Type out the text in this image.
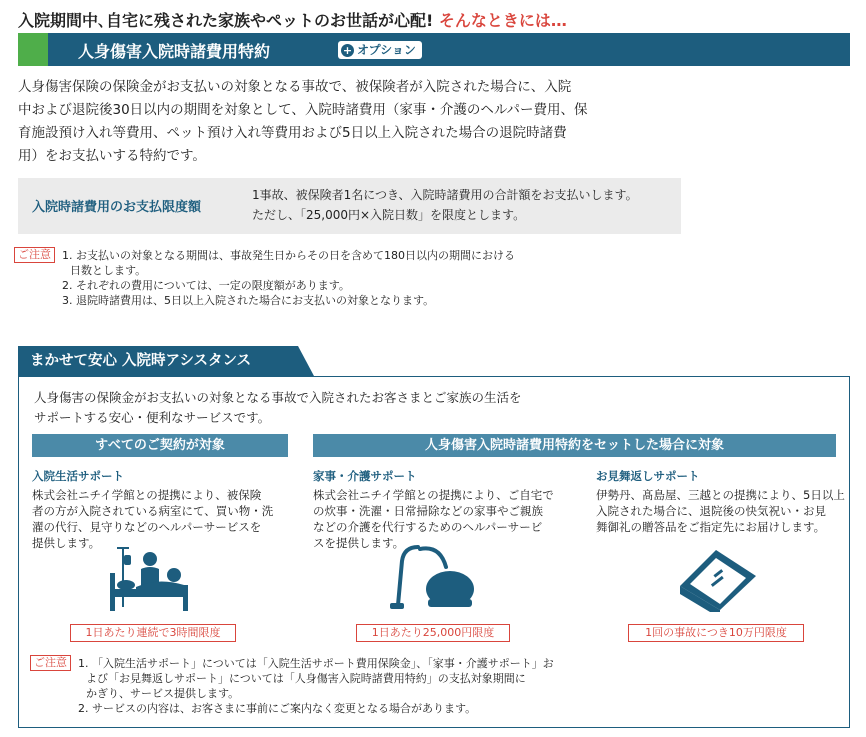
入院期間中､自宅に残された家族やペットのお世話が心配! そんなときには…
人身傷害入院時諸費用特約	+ オプション
人身傷害保険の保険金がお支払いの対象となる事故で、被保険者が入院された場合に、入院
中および退院後30日以内の期間を対象として、入院時諸費用（家事・介護のヘルパー費用、保
育施設預け入れ等費用、ペット預け入れ等費用および5日以上入院された場合の退院時諸費
用）をお支払いする特約です。
入院時諸費用のお支払限度額
1事故、被保険者1名につき、入院時諸費用の合計額をお支払いします。
ただし、「25,000円×入院日数」を限度とします。
ご注意 1. お支払いの対象となる期間は、事故発生日からその日を含めて180日以内の期間における
日数とします。
2. それぞれの費用については、一定の限度額があります。
3. 退院時諸費用は、5日以上入院された場合にお支払いの対象となります。
まかせて安心 入院時アシスタンス
人身傷害の保険金がお支払いの対象となる事故で入院されたお客さまとご家族の生活を
サポートする安心・便利なサービスです。
すべてのご契約が対象	人身傷害入院時諸費用特約をセットした場合に対象
入院生活サポート
株式会社ニチイ学館との提携により、被保険
者の方が入院されている病室にて、買い物・洗
濯の代行、見守りなどのヘルパーサービスを
提供します。
1日あたり連続で3時間限度
家事・介護サポート
株式会社ニチイ学館との提携により、ご自宅で
の炊事・洗濯・日常掃除などの家事やご親族
などの介護を代行するためのヘルパーサービ
スを提供します。
1日あたり25,000円限度
お見舞返しサポート
伊勢丹、髙島屋、三越との提携により、5日以上
入院された場合に、退院後の快気祝い・お見
舞御礼の贈答品をご指定先にお届けします。
1回の事故につき10万円限度
ご注意 1. 「入院生活サポート」については「入院生活サポート費用保険金」、「家事・介護サポート」お
よび「お見舞返しサポート」については「人身傷害入院時諸費用特約」の支払対象期間に
かぎり、サービス提供します。
2. サービスの内容は、お客さまに事前にご案内なく変更となる場合があります。
